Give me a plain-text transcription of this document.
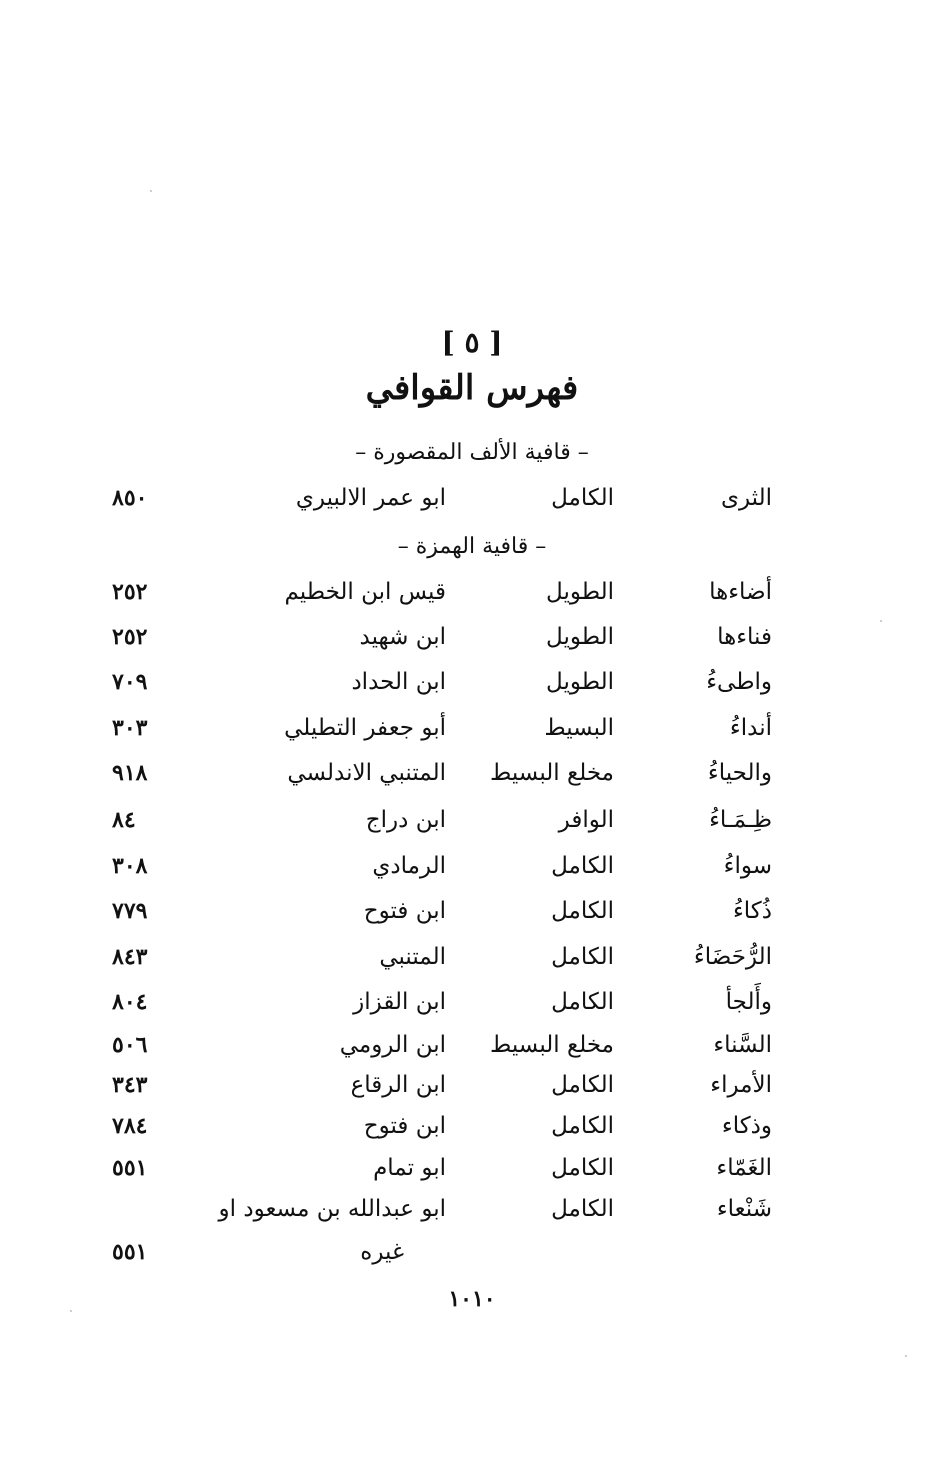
[ ٥ ]
فهرس القوافي
– قافية الألف المقصورة –
الثرى
الكامل
ابو عمر الالبيري
٨٥٠
– قافية الهمزة –
أضاءها
الطويل
قيس ابن الخطيم
٢٥٢
فناءها
الطويل
ابن شهيد
٢٥٢
واطىءُ
الطويل
ابن الحداد
٧٠٩
أنداءُ
البسيط
أبو جعفر التطيلي
٣٠٣
والحياءُ
مخلع البسيط
المتنبي الاندلسي
٩١٨
ظِـمَـاءُ
الوافر
ابن دراج
٨٤
سواءُ
الكامل
الرمادي
٣٠٨
ذُكاءُ
الكامل
ابن فتوح
٧٧٩
الرُّحَضَاءُ
الكامل
المتنبي
٨٤٣
وأَلجأ
الكامل
ابن القزاز
٨٠٤
السَّناء
مخلع البسيط
ابن الرومي
٥٠٦
الأمراء
الكامل
ابن الرقاع
٣٤٣
وذكاء
الكامل
ابن فتوح
٧٨٤
الغَمّاء
الكامل
ابو تمام
٥٥١
شَنْعاء
الكامل
ابو عبدالله بن مسعود او
غيره
٥٥١
١٠١٠
